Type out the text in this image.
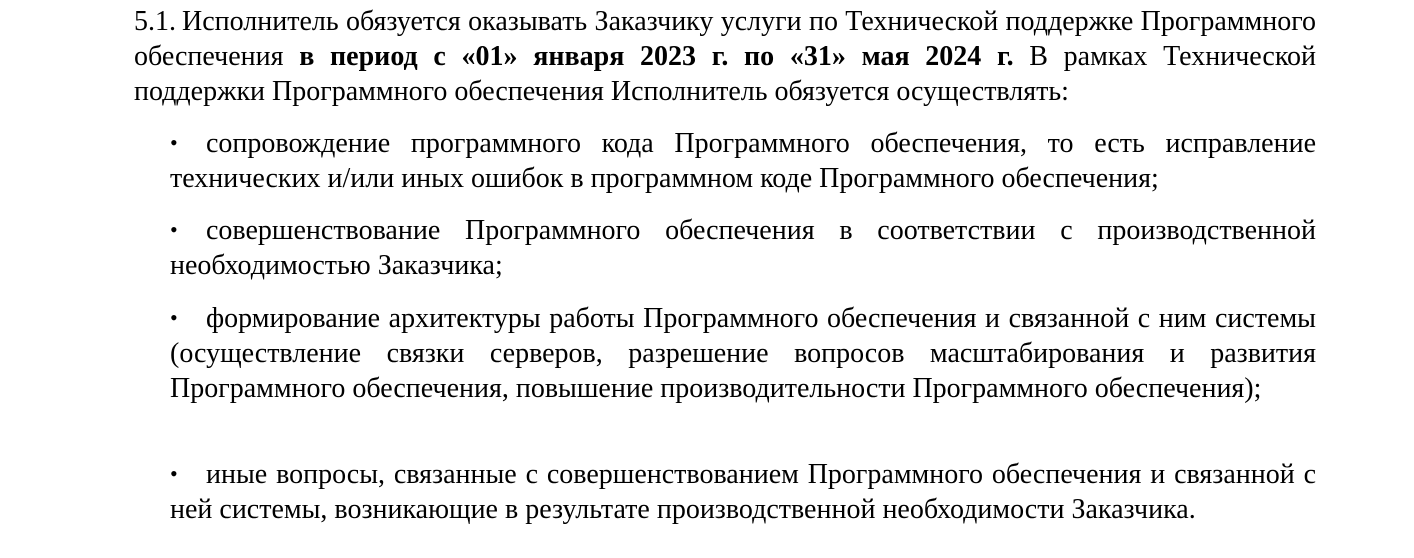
5.1. Исполнитель обязуется оказывать Заказчику услуги по Технической поддержке Программного обеспечения в период с «01» января 2023 г. по «31» мая 2024 г. В рамках Технической поддержки Программного обеспечения Исполнитель обязуется осуществлять:

• сопровождение программного кода Программного обеспечения, то есть исправление технических и/или иных ошибок в программном коде Программного обеспечения;
• совершенствование Программного обеспечения в соответствии с производственной необходимостью Заказчика;
• формирование архитектуры работы Программного обеспечения и связанной с ним системы (осуществление связки серверов, разрешение вопросов масштабирования и развития Программного обеспечения, повышение производительности Программного обеспечения);
• иные вопросы, связанные с совершенствованием Программного обеспечения и связанной с ней системы, возникающие в результате производственной необходимости Заказчика.
